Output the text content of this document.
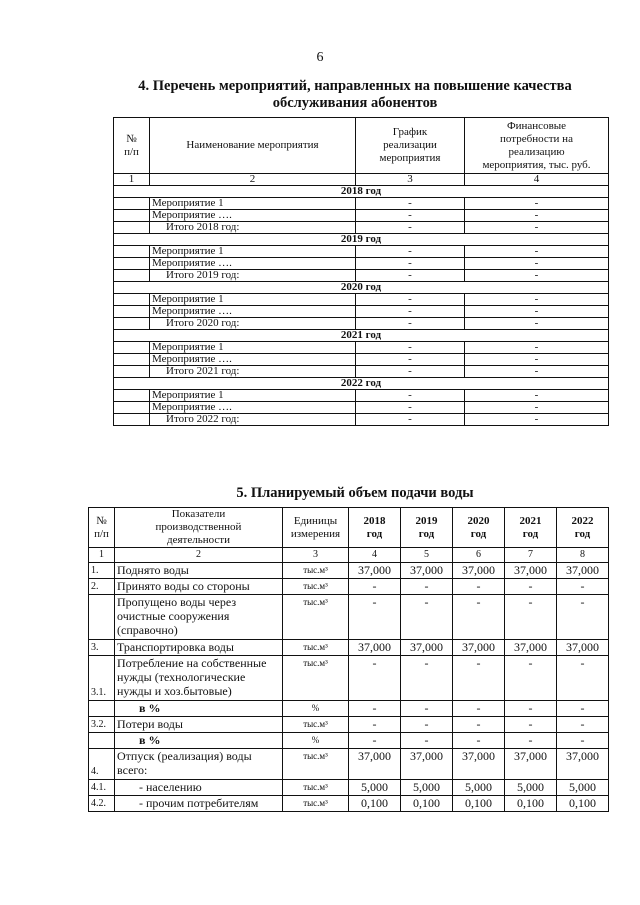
6
4. Перечень мероприятий, направленных на повышение качества
обслуживания абонентов
№
п/п	Наименование мероприятия	График
реализации
мероприятия	Финансовые
потребности на
реализацию
мероприятия, тыс. руб.
1	2	3	4
2018 год			
	Мероприятие 1	-	-
	Мероприятие ….	-	-
	Итого 2018 год:	-	-
2019 год			
	Мероприятие 1	-	-
	Мероприятие ….	-	-
	Итого 2019 год:	-	-
2020 год			
	Мероприятие 1	-	-
	Мероприятие ….	-	-
	Итого 2020 год:	-	-
2021 год			
	Мероприятие 1	-	-
	Мероприятие ….	-	-
	Итого 2021 год:	-	-
2022 год			
	Мероприятие 1	-	-
	Мероприятие ….	-	-
	Итого 2022 год:	-	-
5. Планируемый объем подачи воды
№
п/п	Показатели
производственной
деятельности	Единицы
измерения	2018
год	2019
год	2020
год	2021
год	2022
год
1	2	3	4	5	6	7	8
1.	Поднято воды	тыс.м³	37,000	37,000	37,000	37,000	37,000
2.	Принято воды со стороны	тыс.м³	-	-	-	-	-
	Пропущено воды через очистные сооружения (справочно)	тыс.м³	-	-	-	-	-
3.	Транспортировка воды	тыс.м³	37,000	37,000	37,000	37,000	37,000
3.1.	Потребление на собственные нужды (технологические нужды и хоз.бытовые)	тыс.м³	-	-	-	-	-
	в %	%	-	-	-	-	-
3.2.	Потери воды	тыс.м³	-	-	-	-	-
	в %	%	-	-	-	-	-
4.	Отпуск (реализация) воды всего:	тыс.м³	37,000	37,000	37,000	37,000	37,000
4.1.	- населению	тыс.м³	5,000	5,000	5,000	5,000	5,000
4.2.	- прочим потребителям	тыс.м³	0,100	0,100	0,100	0,100	0,100
